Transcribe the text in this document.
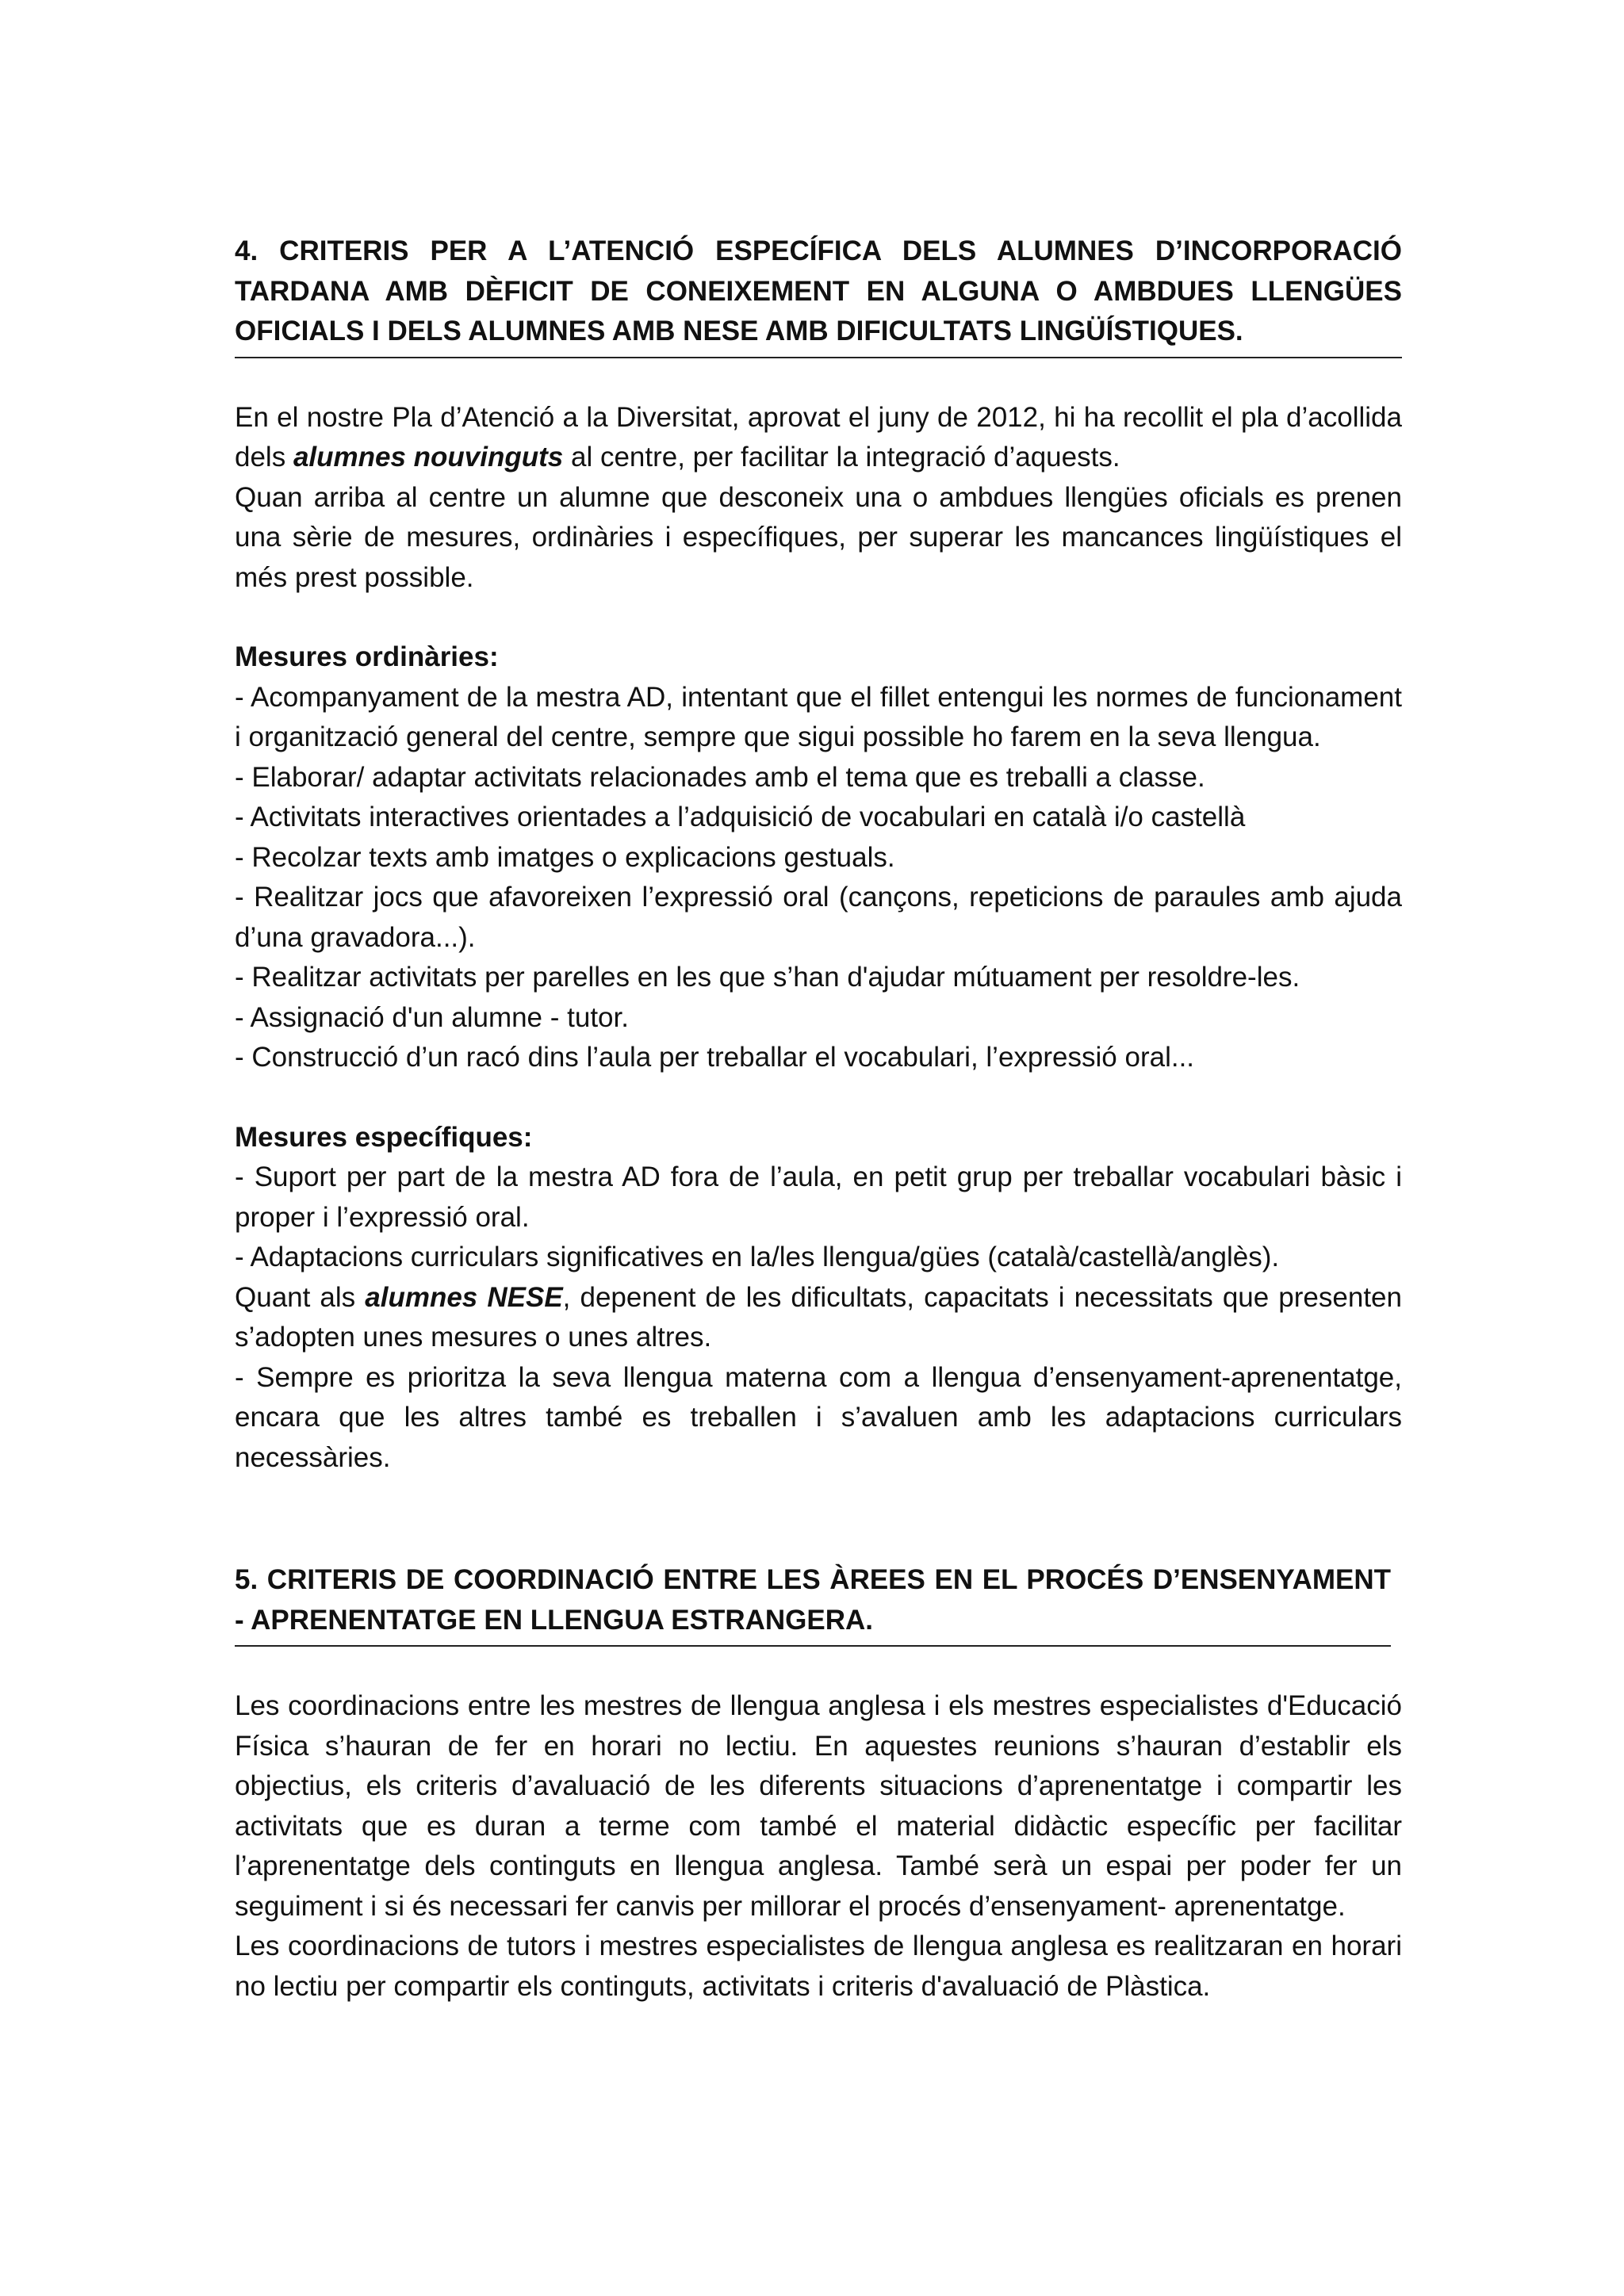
4. CRITERIS PER A L’ATENCIÓ ESPECÍFICA DELS ALUMNES D’INCORPORACIÓ TARDANA AMB DÈFICIT DE CONEIXEMENT EN ALGUNA O AMBDUES LLENGÜES OFICIALS I DELS ALUMNES AMB NESE AMB DIFICULTATS LINGÜÍSTIQUES.

En el nostre Pla d’Atenció a la Diversitat, aprovat el juny de 2012, hi ha recollit el pla d’acollida dels alumnes nouvinguts al centre, per facilitar la integració d’aquests.

Quan arriba al centre un alumne que desconeix una o ambdues llengües oficials es prenen una sèrie de mesures, ordinàries i específiques, per superar les mancances lingüístiques el més prest possible.

Mesures ordinàries:

- Acompanyament de la mestra AD, intentant que el fillet entengui les normes de funcionament i organització general del centre, sempre que sigui possible ho farem en la seva llengua.

- Elaborar/ adaptar activitats relacionades amb el tema que es treballi a classe.

- Activitats interactives orientades a l’adquisició de vocabulari en català i/o castellà

- Recolzar texts amb imatges o explicacions gestuals.

- Realitzar jocs que afavoreixen l’expressió oral (cançons, repeticions de paraules amb ajuda d’una gravadora...).

- Realitzar activitats per parelles en les que s’han d'ajudar mútuament per resoldre-les.

- Assignació d'un alumne - tutor.

- Construcció d’un racó dins l’aula per treballar el vocabulari, l’expressió oral...

Mesures específiques:

- Suport per part de la mestra AD fora de l’aula, en petit grup per treballar vocabulari bàsic i proper i l’expressió oral.

- Adaptacions curriculars significatives en la/les llengua/gües (català/castellà/anglès).

Quant als alumnes NESE, depenent de les dificultats, capacitats i necessitats que presenten s’adopten unes mesures o unes altres.

- Sempre es prioritza la seva llengua materna com a llengua d’ensenyament-aprenentatge, encara que les altres també es treballen i s’avaluen amb les adaptacions curriculars necessàries.

5. CRITERIS DE COORDINACIÓ ENTRE LES ÀREES EN EL PROCÉS D’ENSENYAMENT - APRENENTATGE EN LLENGUA ESTRANGERA.

Les coordinacions entre les mestres de llengua anglesa i els mestres especialistes d'Educació Física s’hauran de fer en horari no lectiu. En aquestes reunions s’hauran d’establir els objectius, els criteris d’avaluació de les diferents situacions d’aprenentatge i compartir les activitats que es duran a terme com també el material didàctic específic per facilitar l’aprenentatge dels continguts en llengua anglesa. També serà un espai per poder fer un seguiment i si és necessari fer canvis per millorar el procés d’ensenyament- aprenentatge.

Les coordinacions de tutors i mestres especialistes de llengua anglesa es realitzaran en horari no lectiu per compartir els continguts, activitats i criteris d'avaluació de Plàstica.
